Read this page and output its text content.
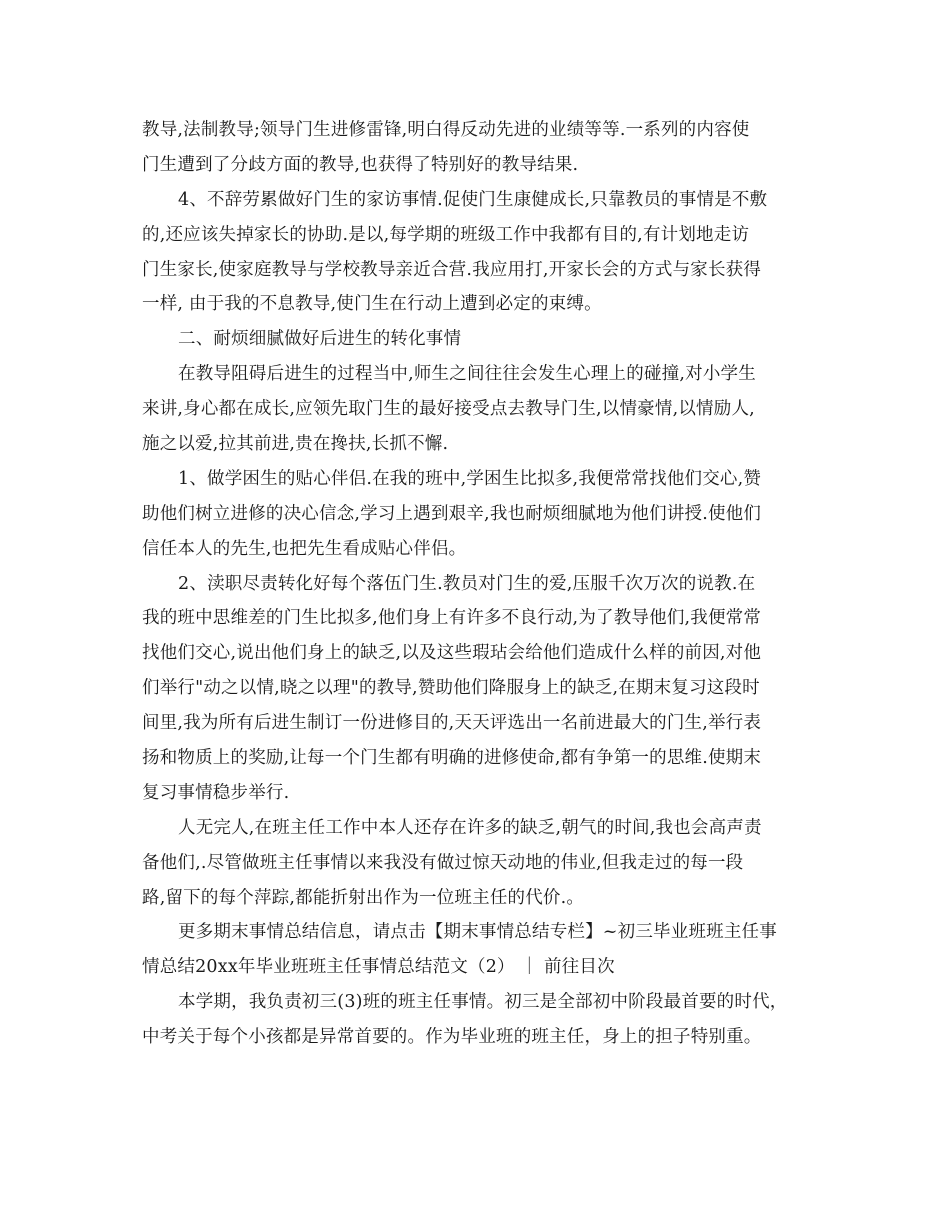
教导,法制教导;领导门生进修雷锋,明白得反动先进的业绩等等.一系列的内容使
门生遭到了分歧方面的教导,也获得了特别好的教导结果.
4、不辞劳累做好门生的家访事情.促使门生康健成长,只靠教员的事情是不敷
的,还应该失掉家长的协助.是以,每学期的班级工作中我都有目的,有计划地走访
门生家长,使家庭教导与学校教导亲近合营.我应用打,开家长会的方式与家长获得
一样, 由于我的不息教导,使门生在行动上遭到必定的束缚。
二、耐烦细腻做好后进生的转化事情
在教导阻碍后进生的过程当中,师生之间往往会发生心理上的碰撞,对小学生
来讲,身心都在成长,应领先取门生的最好接受点去教导门生,以情豪情,以情励人,
施之以爱,拉其前进,贵在搀扶,长抓不懈.
1、做学困生的贴心伴侣.在我的班中,学困生比拟多,我便常常找他们交心,赞
助他们树立进修的决心信念,学习上遇到艰辛,我也耐烦细腻地为他们讲授.使他们
信任本人的先生,也把先生看成贴心伴侣。
2、渎职尽责转化好每个落伍门生.教员对门生的爱,压服千次万次的说教.在
我的班中思维差的门生比拟多,他们身上有许多不良行动,为了教导他们,我便常常
找他们交心,说出他们身上的缺乏,以及这些瑕玷会给他们造成什么样的前因,对他
们举行"动之以情,晓之以理"的教导,赞助他们降服身上的缺乏,在期末复习这段时
间里,我为所有后进生制订一份进修目的,天天评选出一名前进最大的门生,举行表
扬和物质上的奖励,让每一个门生都有明确的进修使命,都有争第一的思维.使期末
复习事情稳步举行.
人无完人,在班主任工作中本人还存在许多的缺乏,朝气的时间,我也会高声责
备他们,.尽管做班主任事情以来我没有做过惊天动地的伟业,但我走过的每一段
路,留下的每个萍踪,都能折射出作为一位班主任的代价.。
更多期末事情总结信息，请点击【期末事情总结专栏】~初三毕业班班主任事
情总结20xx年毕业班班主任事情总结范文（2） ｜ 前往目次
本学期，我负责初三(3)班的班主任事情。初三是全部初中阶段最首要的时代，
中考关于每个小孩都是异常首要的。作为毕业班的班主任，身上的担子特别重。
